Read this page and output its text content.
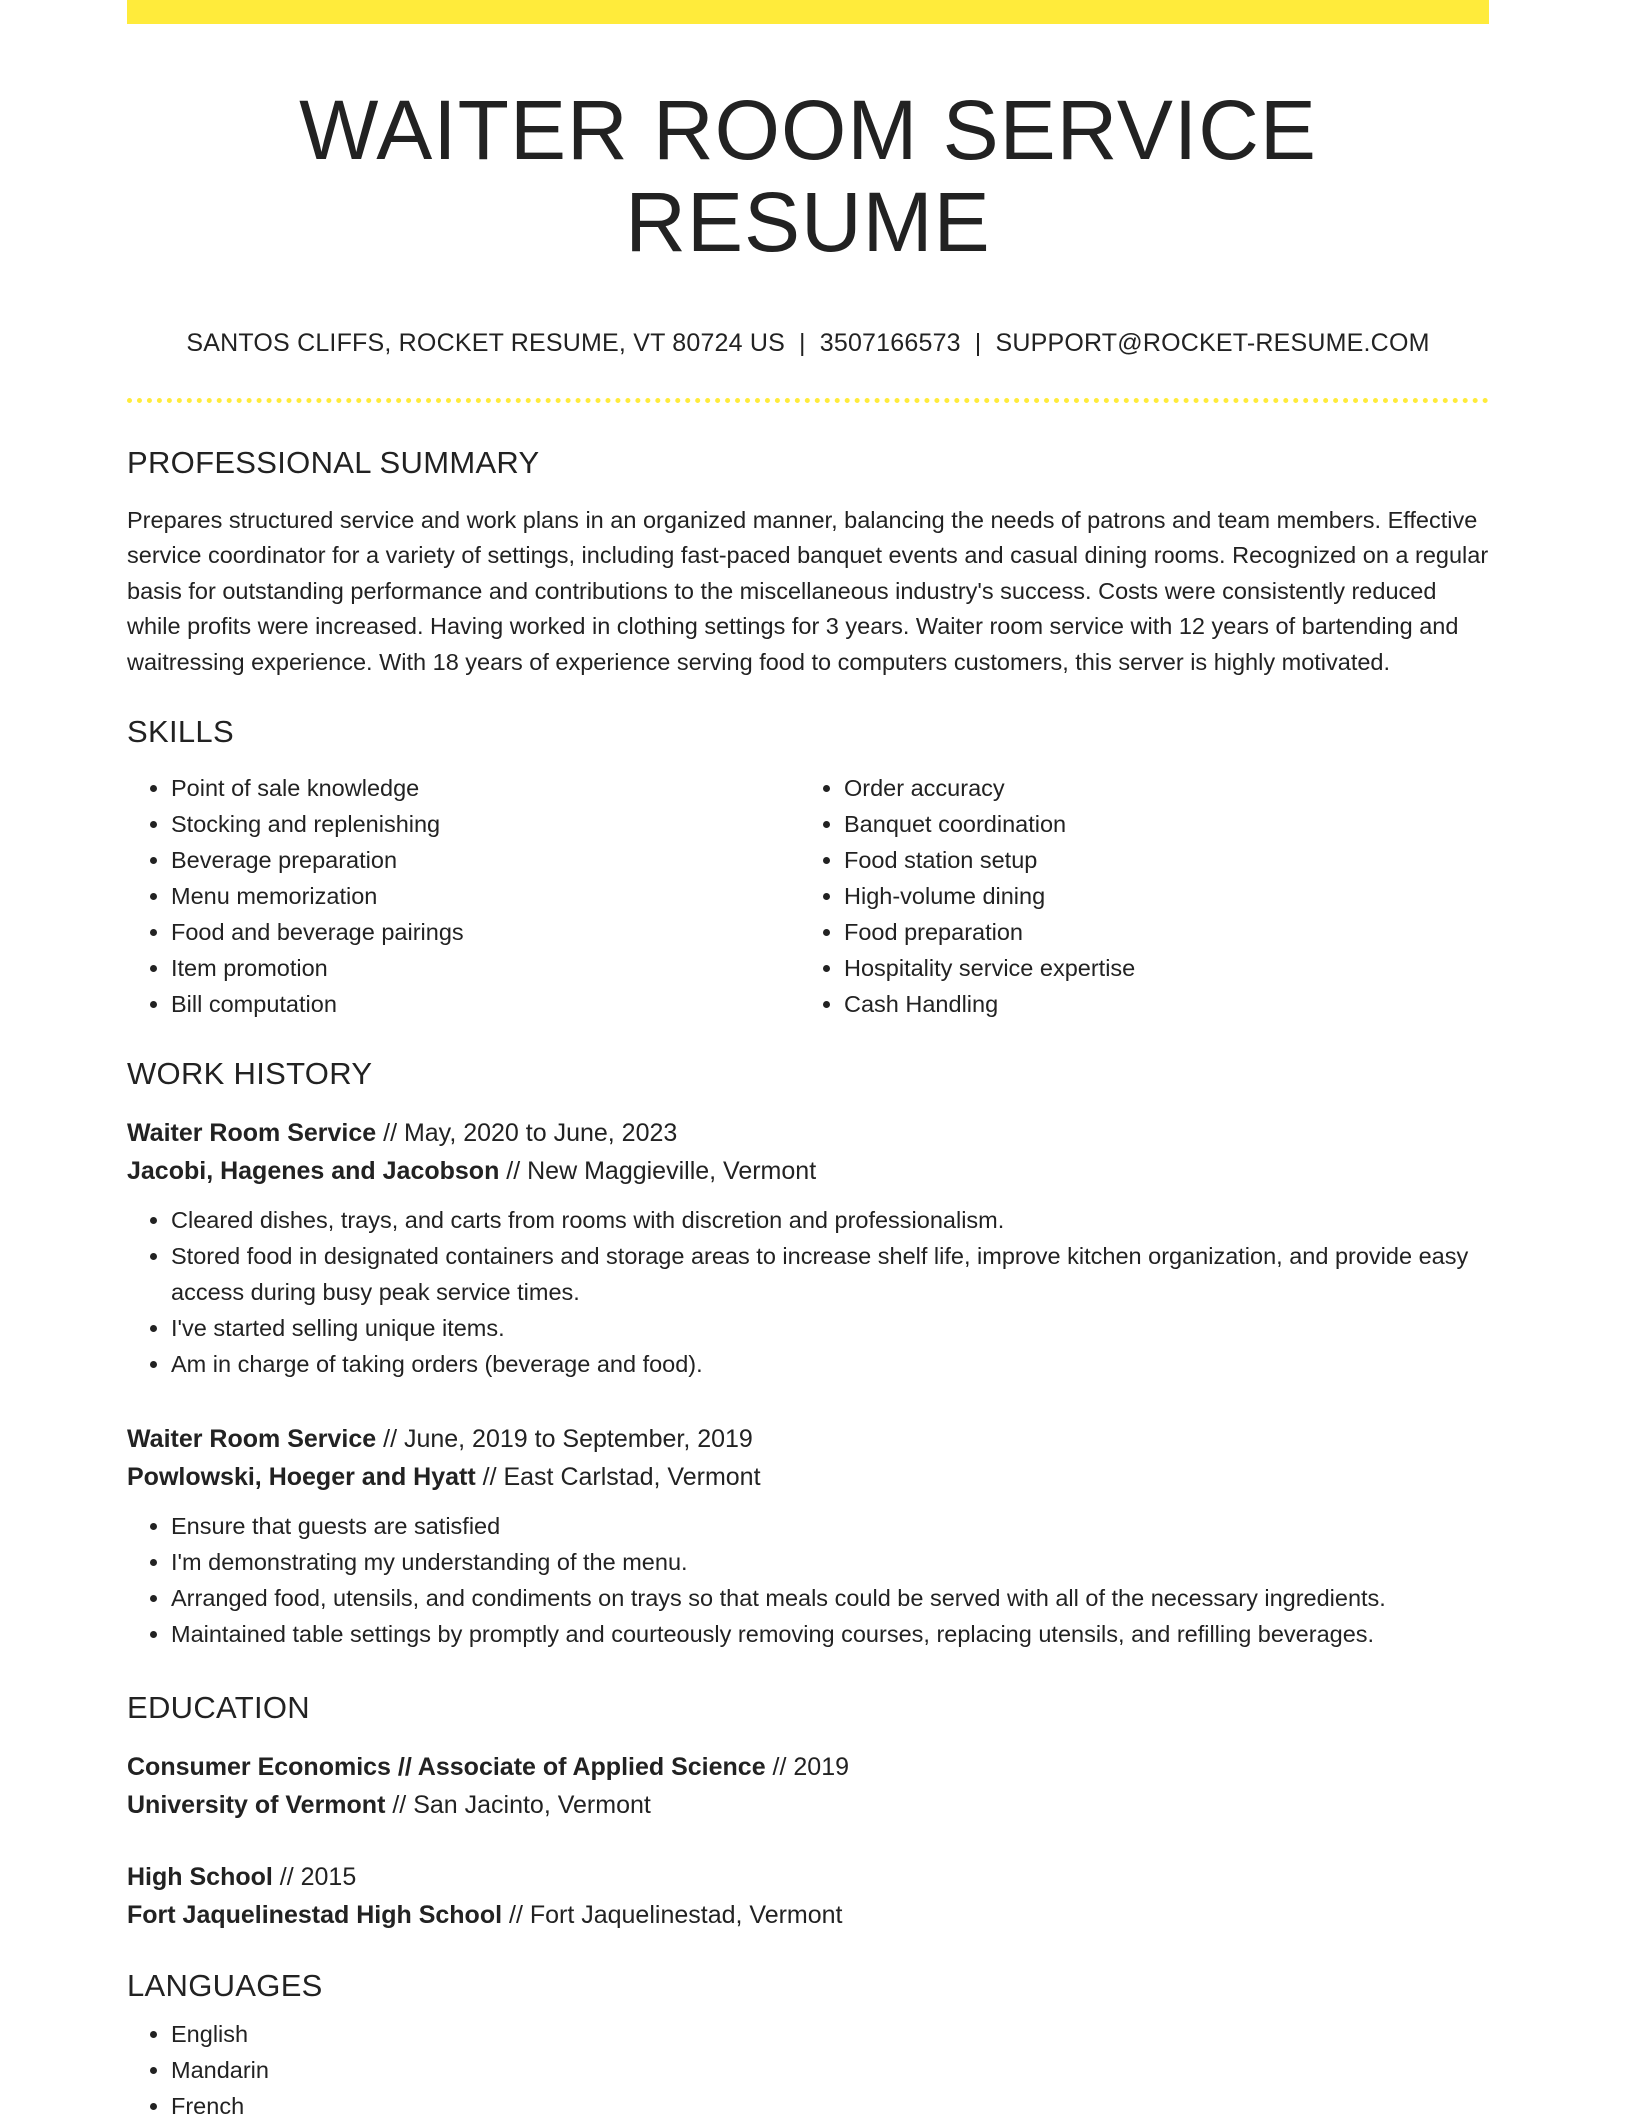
WAITER ROOM SERVICE RESUME
SANTOS CLIFFS, ROCKET RESUME, VT 80724 US | 3507166573 | SUPPORT@ROCKET-RESUME.COM
PROFESSIONAL SUMMARY

Prepares structured service and work plans in an organized manner, balancing the needs of patrons and team members. Effective service coordinator for a variety of settings, including fast-paced banquet events and casual dining rooms. Recognized on a regular basis for outstanding performance and contributions to the miscellaneous industry's success. Costs were consistently reduced while profits were increased. Having worked in clothing settings for 3 years. Waiter room service with 12 years of bartending and waitressing experience. With 18 years of experience serving food to computers customers, this server is highly motivated.

SKILLS
• Point of sale knowledge
• Stocking and replenishing
• Beverage preparation
• Menu memorization
• Food and beverage pairings
• Item promotion
• Bill computation
• Order accuracy
• Banquet coordination
• Food station setup
• High-volume dining
• Food preparation
• Hospitality service expertise
• Cash Handling
WORK HISTORY
Waiter Room Service // May, 2020 to June, 2023
Jacobi, Hagenes and Jacobson // New Maggieville, Vermont
• Cleared dishes, trays, and carts from rooms with discretion and professionalism.
• Stored food in designated containers and storage areas to increase shelf life, improve kitchen organization, and provide easy access during busy peak service times.
• I've started selling unique items.
• Am in charge of taking orders (beverage and food).
Waiter Room Service // June, 2019 to September, 2019
Powlowski, Hoeger and Hyatt // East Carlstad, Vermont
• Ensure that guests are satisfied
• I'm demonstrating my understanding of the menu.
• Arranged food, utensils, and condiments on trays so that meals could be served with all of the necessary ingredients.
• Maintained table settings by promptly and courteously removing courses, replacing utensils, and refilling beverages.
EDUCATION
Consumer Economics // Associate of Applied Science // 2019
University of Vermont // San Jacinto, Vermont
High School // 2015
Fort Jaquelinestad High School // Fort Jaquelinestad, Vermont
LANGUAGES
• English
• Mandarin
• French
